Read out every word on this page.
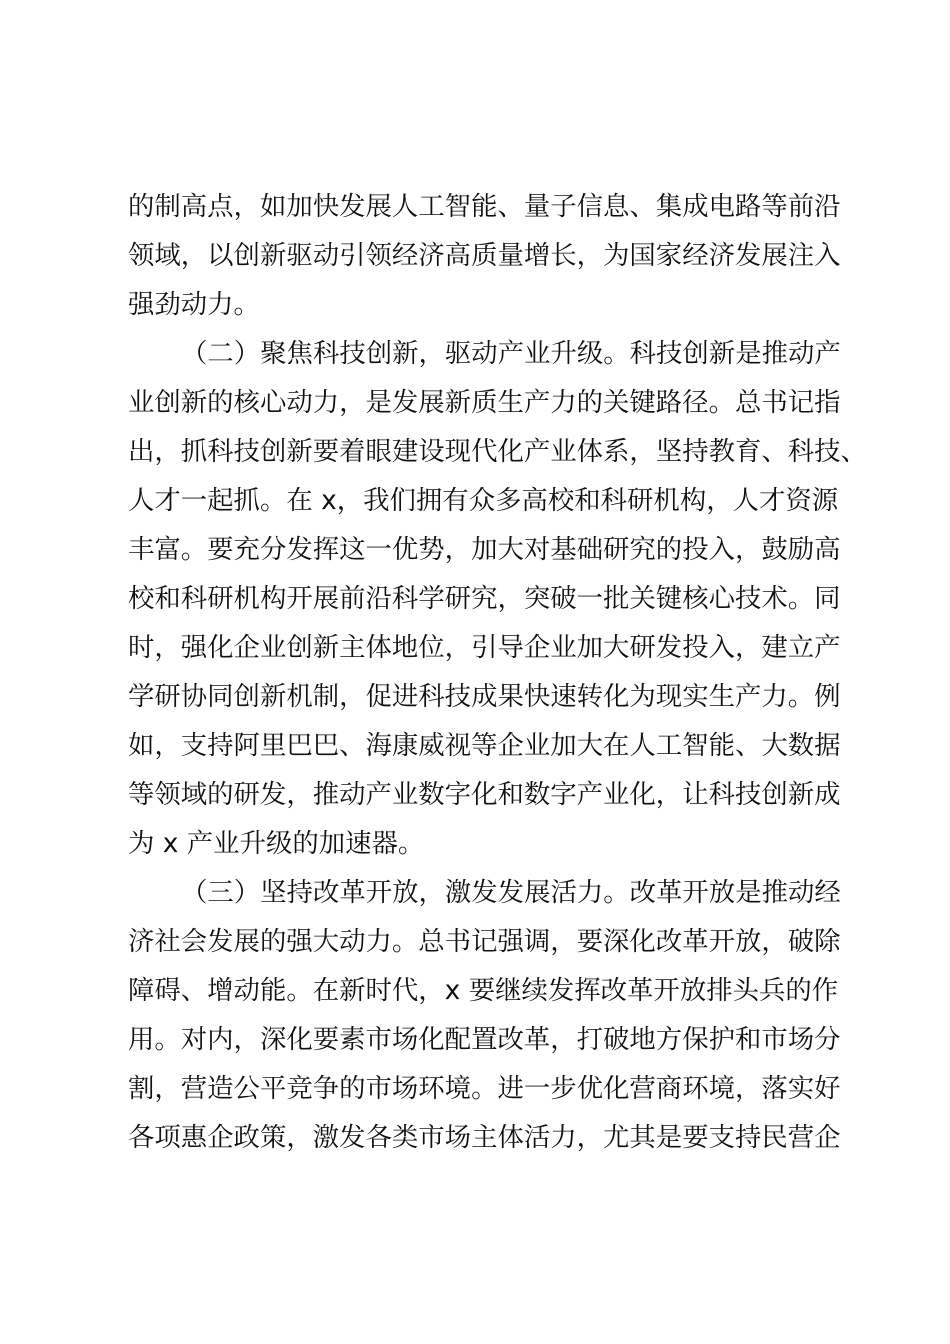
的制高点，如加快发展人工智能、量子信息、集成电路等前沿
领域，以创新驱动引领经济高质量增长，为国家经济发展注入
强劲动力。
（二）聚焦科技创新，驱动产业升级。科技创新是推动产
业创新的核心动力，是发展新质生产力的关键路径。总书记指
出，抓科技创新要着眼建设现代化产业体系，坚持教育、科技、
人才一起抓。在 x，我们拥有众多高校和科研机构，人才资源
丰富。要充分发挥这一优势，加大对基础研究的投入，鼓励高
校和科研机构开展前沿科学研究，突破一批关键核心技术。同
时，强化企业创新主体地位，引导企业加大研发投入，建立产
学研协同创新机制，促进科技成果快速转化为现实生产力。例
如，支持阿里巴巴、海康威视等企业加大在人工智能、大数据
等领域的研发，推动产业数字化和数字产业化，让科技创新成
为 x 产业升级的加速器。
（三）坚持改革开放，激发发展活力。改革开放是推动经
济社会发展的强大动力。总书记强调，要深化改革开放，破除
障碍、增动能。在新时代，x 要继续发挥改革开放排头兵的作
用。对内，深化要素市场化配置改革，打破地方保护和市场分
割，营造公平竞争的市场环境。进一步优化营商环境，落实好
各项惠企政策，激发各类市场主体活力，尤其是要支持民营企
